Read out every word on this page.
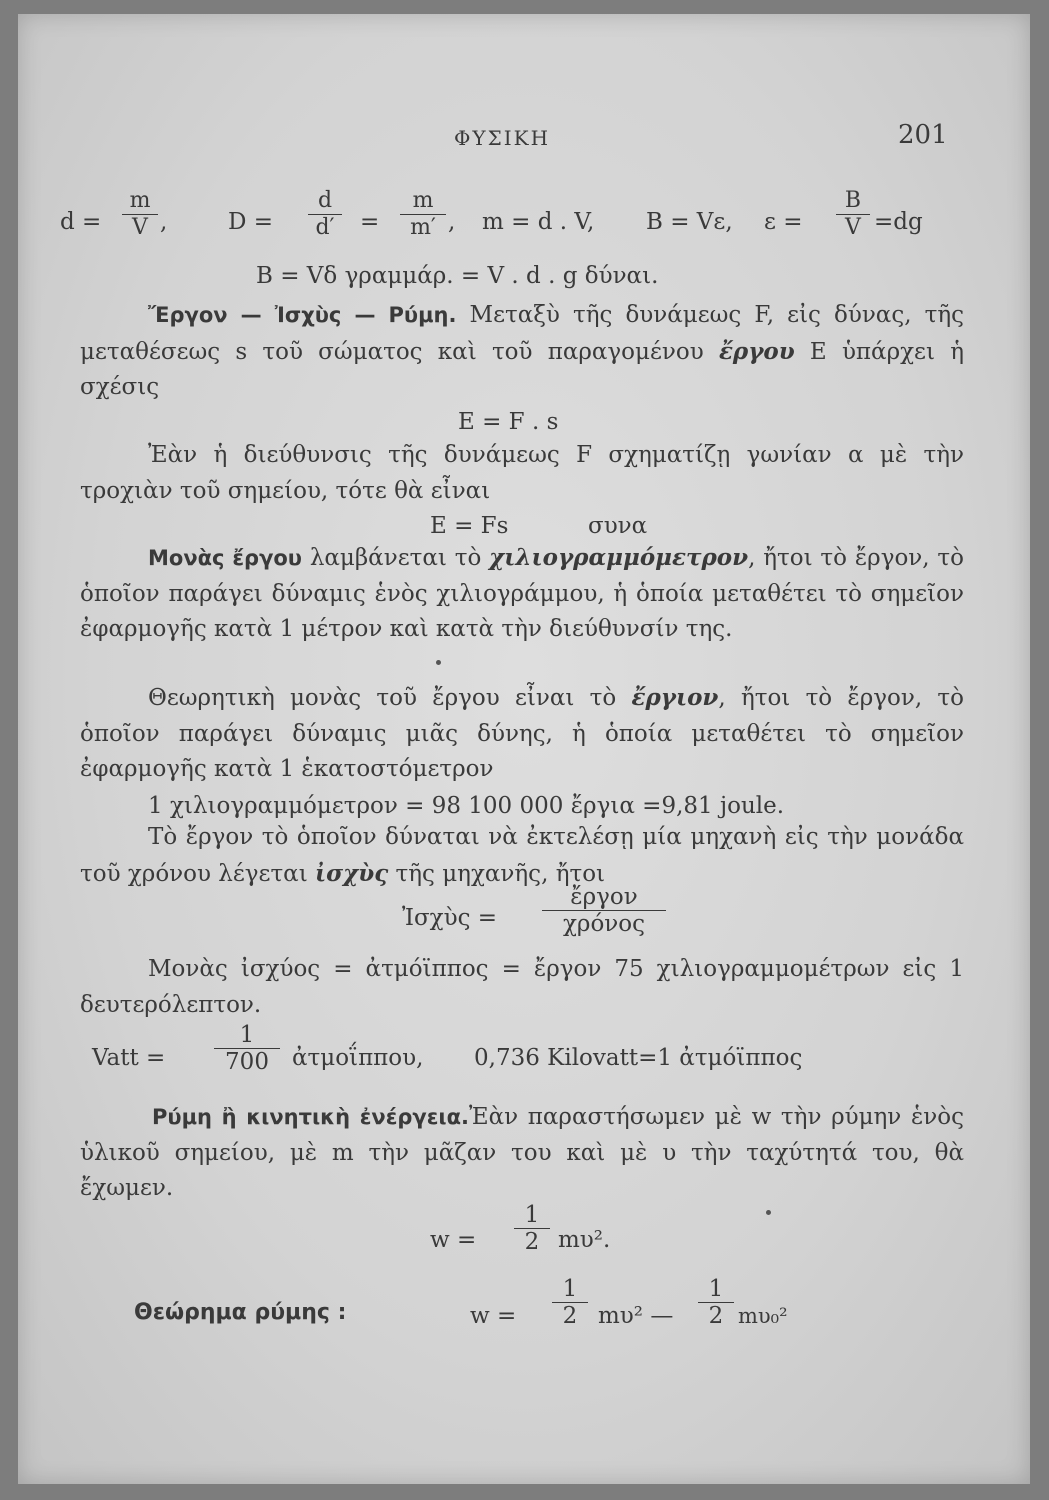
ΦΥΣΙΚΗ	201
d =
m
V ,	D =
d
d′	=
m
m′ , m = d . V, B = Vε, ε =
B
V =dg
B = Vδ γραμμάρ. = V . d . g δύναι.
Ἔργον — Ἰσχὺς — Ρύμη. Μεταξὺ τῆς δυνάμεως F, εἰς δύνας, τῆς μεταθέσεως s τοῦ σώματος καὶ τοῦ παραγομένου ἔργου E ὑπάρχει ἡ σχέσις
E = F . s
Ἐὰν ἡ διεύθυνσις τῆς δυνάμεως F σχηματίζῃ γωνίαν α μὲ τὴν τροχιὰν τοῦ σημείου, τότε θὰ εἶναι
E = Fs	συνα
Μονὰς ἔργου λαμβάνεται τὸ χιλιογραμμόμετρον, ἤτοι τὸ ἔργον, τὸ ὁποῖον παράγει δύναμις ἑνὸς χιλιογράμμου, ἡ ὁποία μεταθέτει τὸ σημεῖον ἐφαρμογῆς κατὰ 1 μέτρον καὶ κατὰ τὴν διεύθυνσίν της.
Θεωρητικὴ μονὰς τοῦ ἔργου εἶναι τὸ ἔργιον, ἤτοι τὸ ἔργον, τὸ ὁποῖον παράγει δύναμις μιᾶς δύνης, ἡ ὁποία μεταθέτει τὸ σημεῖον ἐφαρμογῆς κατὰ 1 ἑκατοστόμετρον
1 χιλιογραμμόμετρον = 98 100 000 ἔργια =9,81 joule.
Τὸ ἔργον τὸ ὁποῖον δύναται νὰ ἐκτελέσῃ μία μηχανὴ εἰς τὴν μονάδα τοῦ χρόνου λέγεται ἰσχὺς τῆς μηχανῆς, ἤτοι
Ἰσχὺς =
ἔργον
χρόνος
Μονὰς ἰσχύος = ἀτμόϊππος = ἔργον 75 χιλιογραμμομέτρων εἰς 1 δευτερόλεπτον.
Vatt =
1
700	ἀτμοΐππου, 0,736 Kilovatt=1 ἀτμόϊππος
Ρύμη ἢ κινητικὴ ἐνέργεια.Ἐὰν παραστήσωμεν μὲ w τὴν ρύμην ἑνὸς ὑλικοῦ σημείου, μὲ m τὴν μᾶζαν του καὶ μὲ υ τὴν ταχύτητά του, θὰ ἔχωμεν.
w =
1
2 mυ².
Θεώρημα ρύμης :	w =
1
2 mυ² —
1
2 mυ₀²
